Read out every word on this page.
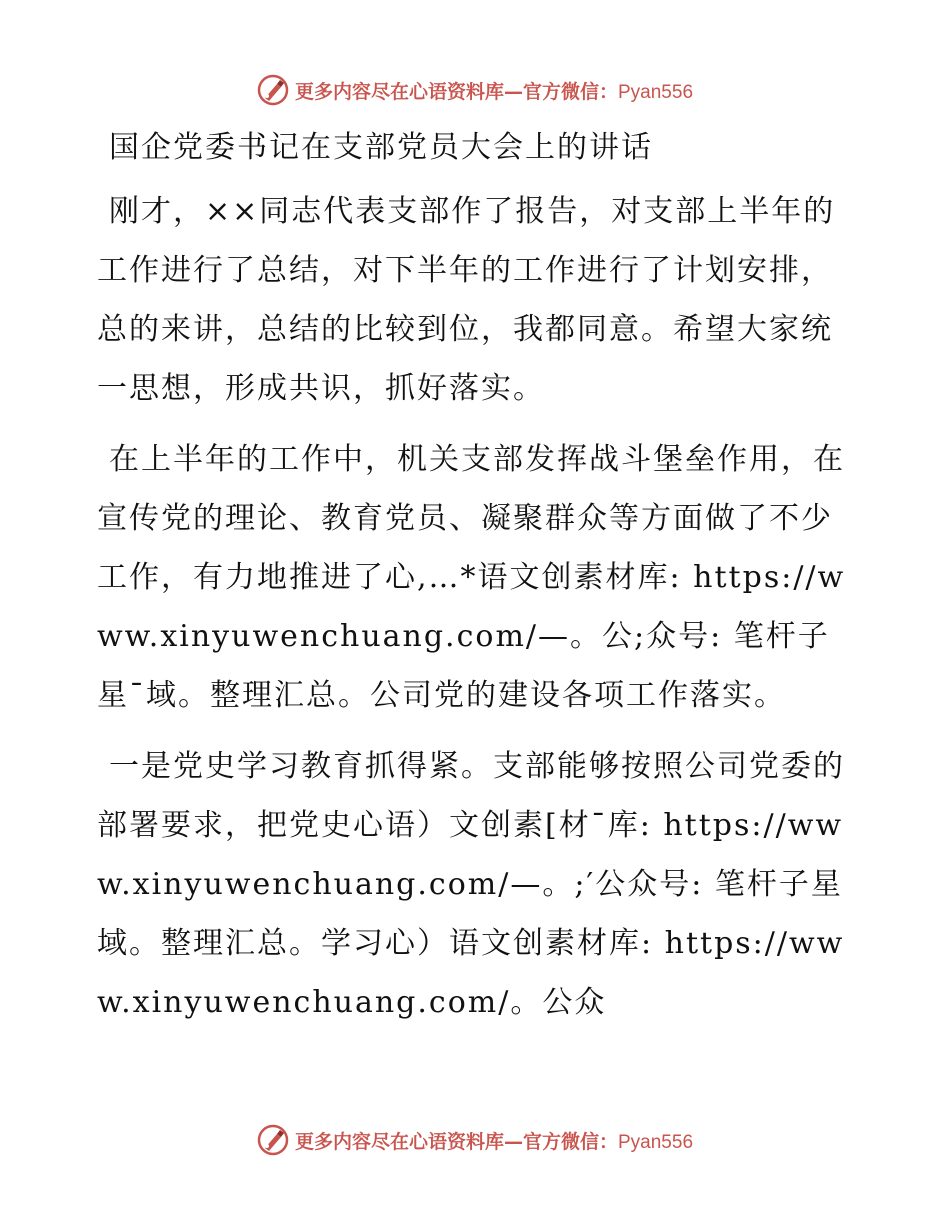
更多内容尽在心语资料库—官方微信：Pyan556
国企党委书记在支部党员大会上的讲话

刚才，××同志代表支部作了报告，对支部上半年的工作进行了总结，对下半年的工作进行了计划安排，总的来讲，总结的比较到位，我都同意。希望大家统一思想，形成共识，抓好落实。

在上半年的工作中，机关支部发挥战斗堡垒作用，在宣传党的理论、教育党员、凝聚群众等方面做了不少工作，有力地推进了心,…*语文创素材库: https://www.xinyuwenchuang.com/—。公;众号: 笔杆子星¯域。整理汇总。公司党的建设各项工作落实。

一是党史学习教育抓得紧。支部能够按照公司党委的部署要求，把党史心语）文创素[材¯库: https://www.xinyuwenchuang.com/—。;′公众号: 笔杆子星域。整理汇总。学习心）语文创素材库: https://www.xinyuwenchuang.com/。公众

更多内容尽在心语资料库—官方微信：Pyan556
